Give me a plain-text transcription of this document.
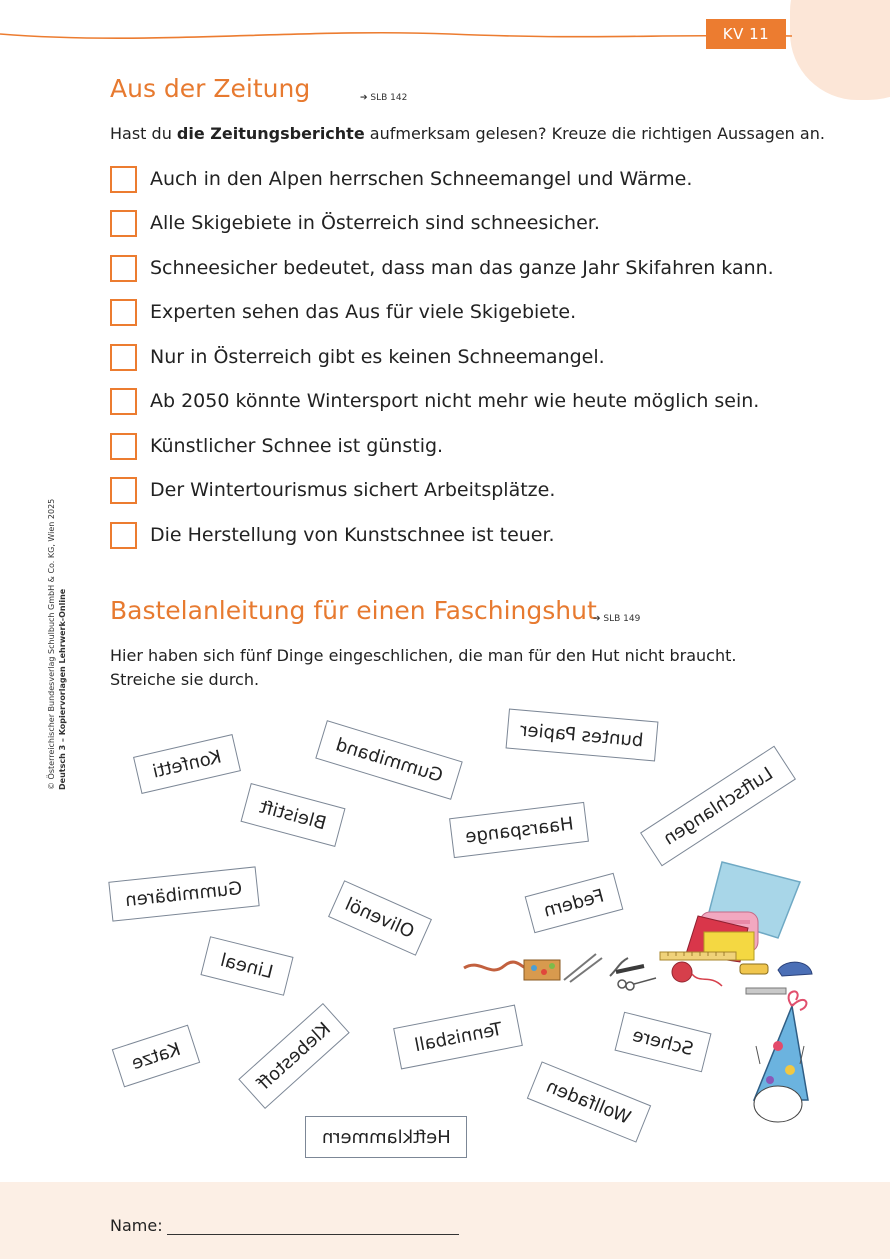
KV 11
© Österreichischer Bundesverlag Schulbuch GmbH & Co. KG, Wien 2025 Deutsch 3 – Kopiervorlagen Lehrwerk-Online
Aus der Zeitung	➔ SLB 142
Hast du die Zeitungsberichte aufmerksam gelesen? Kreuze die richtigen Aussagen an.
Auch in den Alpen herrschen Schneemangel und Wärme.
Alle Skigebiete in Österreich sind schneesicher.
Schneesicher bedeutet, dass man das ganze Jahr Skifahren kann.
Experten sehen das Aus für viele Skigebiete.
Nur in Österreich gibt es keinen Schneemangel.
Ab 2050 könnte Wintersport nicht mehr wie heute möglich sein.
Künstlicher Schnee ist günstig.
Der Wintertourismus sichert Arbeitsplätze.
Die Herstellung von Kunstschnee ist teuer.
Bastelanleitung für einen Faschingshut
➔ SLB 149
Hier haben sich fünf Dinge eingeschlichen, die man für den Hut nicht braucht.
Streiche sie durch.
Konfetti	Gummiband	buntes Papier
Bleistift	Haarspange	Luftschlangen
Gummibären	Olivenöl	Federn
Lineal
Katze	Klebestoff	Tennisball	Schere
Wollfaden
Heftklammern
Name:
